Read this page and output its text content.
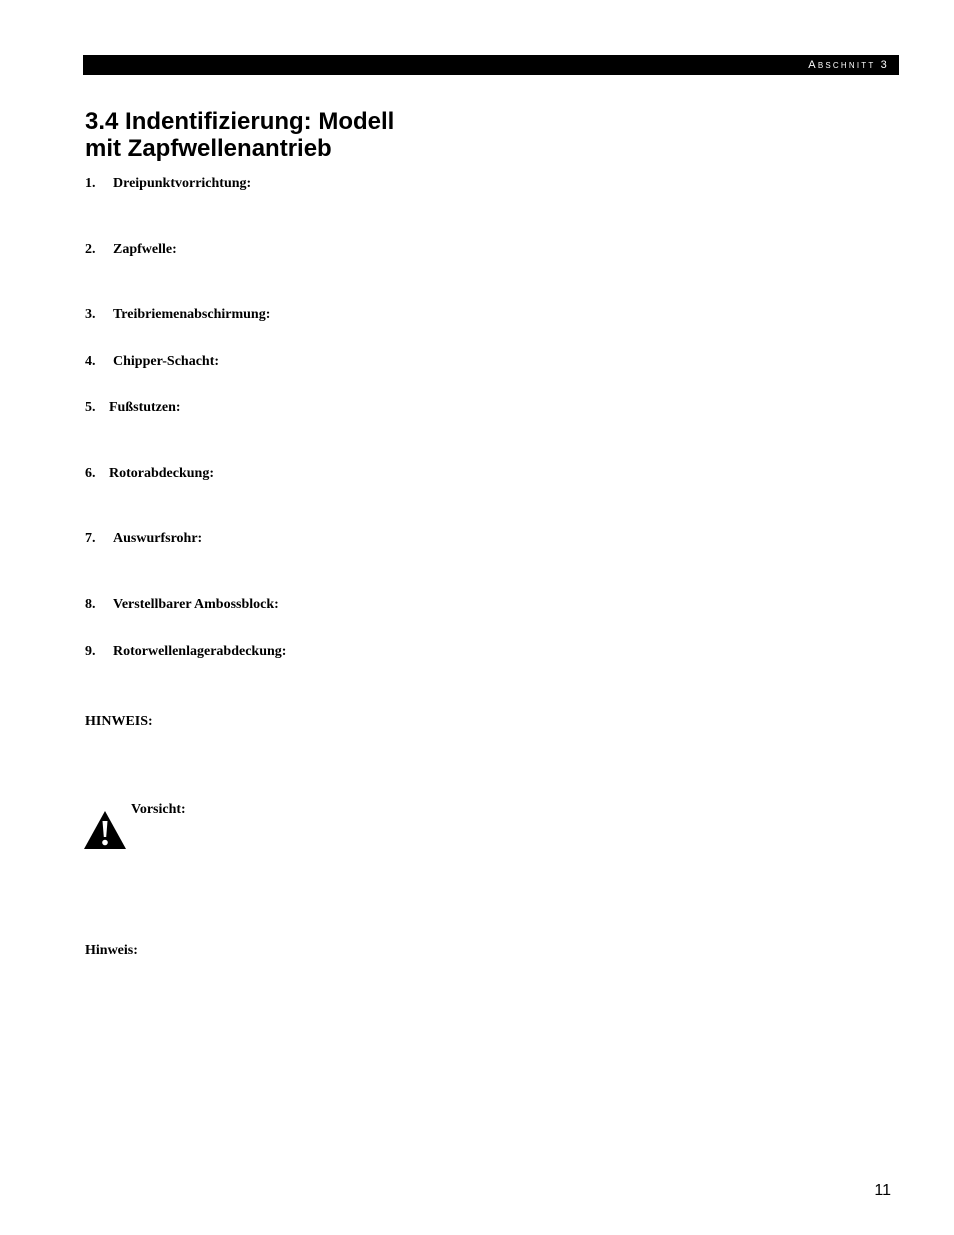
Abschnitt 3
3.4 Indentifizierung: Modell
mit Zapfwellenantrieb
1. Dreipunktvorrichtung:
2. Zapfwelle:
3. Treibriemenabschirmung:
4. Chipper-Schacht:
5. Fußstutzen:
6. Rotorabdeckung:
7. Auswurfsrohr:
8. Verstellbarer Ambossblock:
9. Rotorwellenlagerabdeckung:
HINWEIS:
Vorsicht:
Hinweis:
11
